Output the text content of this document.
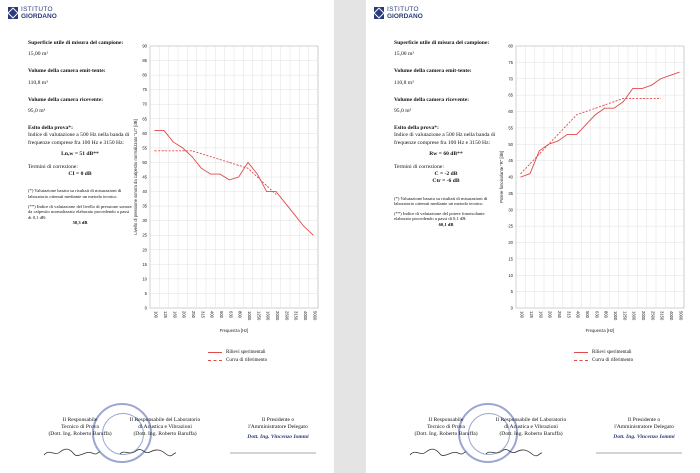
ISTITUTO
GIORDANO
Superficie utile di misura del campione:
15,00 m²
Volume della camera emit-tente:
110,8 m³
Volume della camera ricevente:
95,0 m³
Esito della prova*:
Indice di valutazione a 500 Hz nella banda di frequenze comprese fra 100 Hz e 3150 Hz:
Ln,w = 51 dB**
Termini di correzione:
CI = 0 dB
(*) Valutazione basata su risultati di misurazioni di laboratorio ottenuti mediante un metodo tecnico.
(**) Indice di valutazione del livello di pressione sonora da calpestio normalizzato elaborato procedendo a passi di 0,1 dB:
50,3 dB
0
5
10
15
20
25
30
35
40
45
50
55
60
65
70
75
80
85
90
100 125 160 200 250 315 400 500 630 800 1000 1250 1600 2000 2500 3150 4000 5000
Frequenza [Hz]
Livello di pressione sonora da calpestio normalizzato "Ln" [dB]
Rilievi sperimentali
Curva di riferimento
Il Responsabile
Tecnico di Prova
(Dott. Ing. Roberto Baruffa)
Il Responsabile del Laboratorio
di Acustica e Vibrazioni
(Dott. Ing. Roberto Baruffa)
Il Presidente o
l'Amministratore Delegato
Dott. Ing. Vincenzo Iommi
ISTITUTO
GIORDANO
Superficie utile di misura del campione:
15,00 m²
Volume della camera emit-tente:
110,8 m³
Volume della camera ricevente:
95,0 m³
Esito della prova*:
Indice di valutazione a 500 Hz nella banda di frequenze comprese fra 100 Hz e 3150 Hz:
Rw = 60 dB**
Termini di correzione:
C = -2 dB
Ctr = -6 dB
(*) Valutazione basata su risultati di misurazioni di laboratorio ottenuti mediante un metodo tecnico.
(**) Indice di valutazione del potere fonoisolante elaborato procedendo a passi di 0,1 dB:
60,1 dB
0
5
10
15
20
25
30
35
40
45
50
55
60
65
70
75
80
100 125 160 200 250 315 400 500 630 800 1000 1250 1600 2000 2500 3150 4000 5000
Frequenza [Hz]
Potere fonoisolante "R" [dB]
Rilievi sperimentali
Curva di riferimento
Il Responsabile
Tecnico di Prova
(Dott. Ing. Roberto Baruffa)
Il Responsabile del Laboratorio
di Acustica e Vibrazioni
(Dott. Ing. Roberto Baruffa)
Il Presidente o
l'Amministratore Delegato
Dott. Ing. Vincenzo Iommi
